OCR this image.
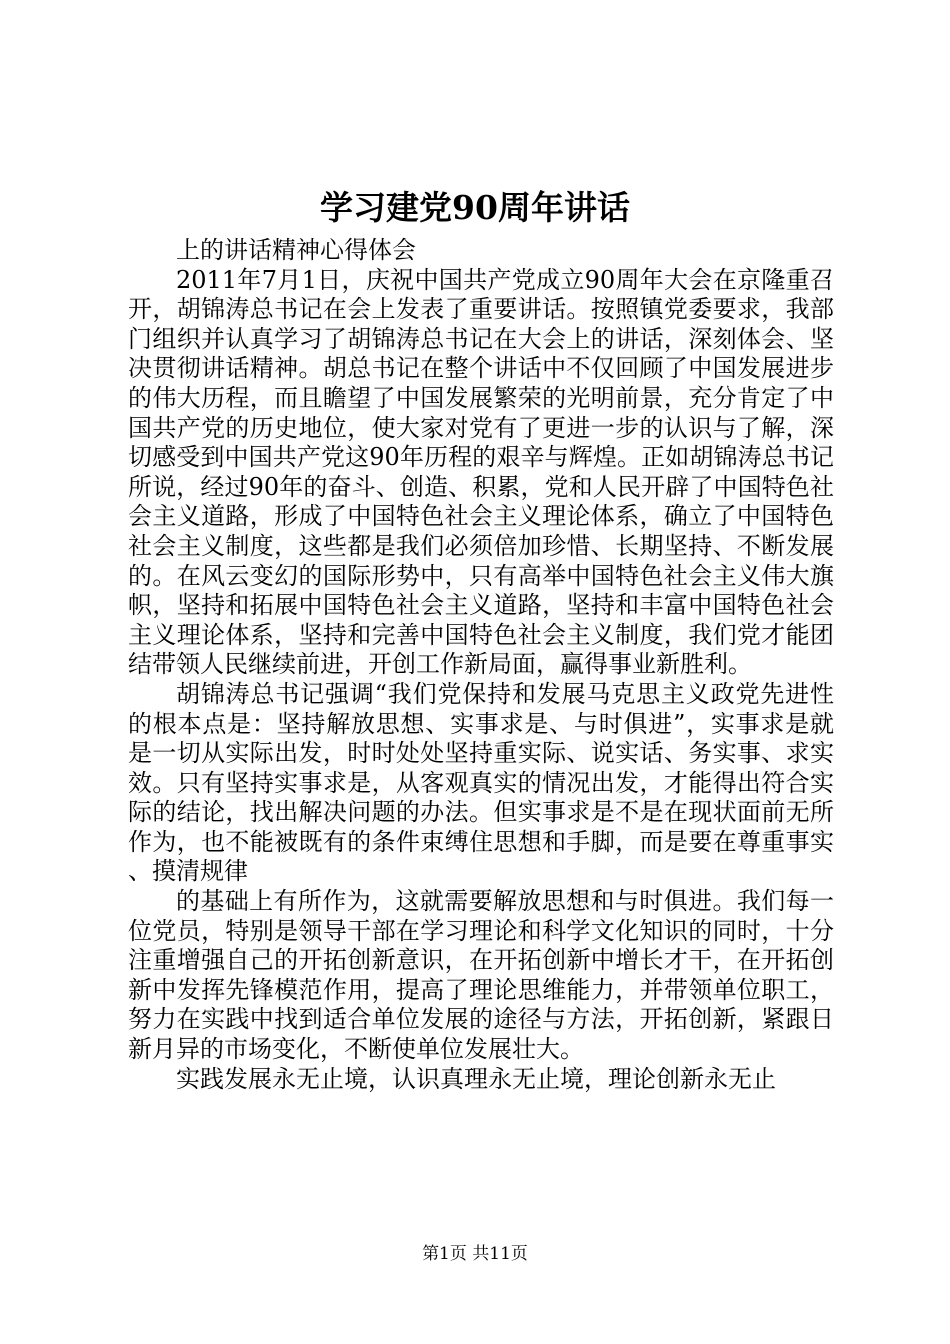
学习建党90周年讲话

上的讲话精神心得体会

2011年7月1日，庆祝中国共产党成立90周年大会在京隆重召开，胡锦涛总书记在会上发表了重要讲话。按照镇党委要求，我部门组织并认真学习了胡锦涛总书记在大会上的讲话，深刻体会、坚决贯彻讲话精神。胡总书记在整个讲话中不仅回顾了中国发展进步的伟大历程，而且瞻望了中国发展繁荣的光明前景，充分肯定了中国共产党的历史地位，使大家对党有了更进一步的认识与了解，深切感受到中国共产党这90年历程的艰辛与辉煌。正如胡锦涛总书记所说，经过90年的奋斗、创造、积累，党和人民开辟了中国特色社会主义道路，形成了中国特色社会主义理论体系，确立了中国特色社会主义制度，这些都是我们必须倍加珍惜、长期坚持、不断发展的。在风云变幻的国际形势中，只有高举中国特色社会主义伟大旗帜，坚持和拓展中国特色社会主义道路，坚持和丰富中国特色社会主义理论体系，坚持和完善中国特色社会主义制度，我们党才能团结带领人民继续前进，开创工作新局面，赢得事业新胜利。

胡锦涛总书记强调“我们党保持和发展马克思主义政党先进性的根本点是：坚持解放思想、实事求是、与时俱进”，实事求是就是一切从实际出发，时时处处坚持重实际、说实话、务实事、求实效。只有坚持实事求是，从客观真实的情况出发，才能得出符合实际的结论，找出解决问题的办法。但实事求是不是在现状面前无所作为，也不能被既有的条件束缚住思想和手脚，而是要在尊重事实、摸清规律

的基础上有所作为，这就需要解放思想和与时俱进。我们每一位党员，特别是领导干部在学习理论和科学文化知识的同时，十分注重增强自己的开拓创新意识，在开拓创新中增长才干，在开拓创新中发挥先锋模范作用，提高了理论思维能力，并带领单位职工，努力在实践中找到适合单位发展的途径与方法，开拓创新，紧跟日新月异的市场变化，不断使单位发展壮大。

实践发展永无止境，认识真理永无止境，理论创新永无止

第1页 共11页
